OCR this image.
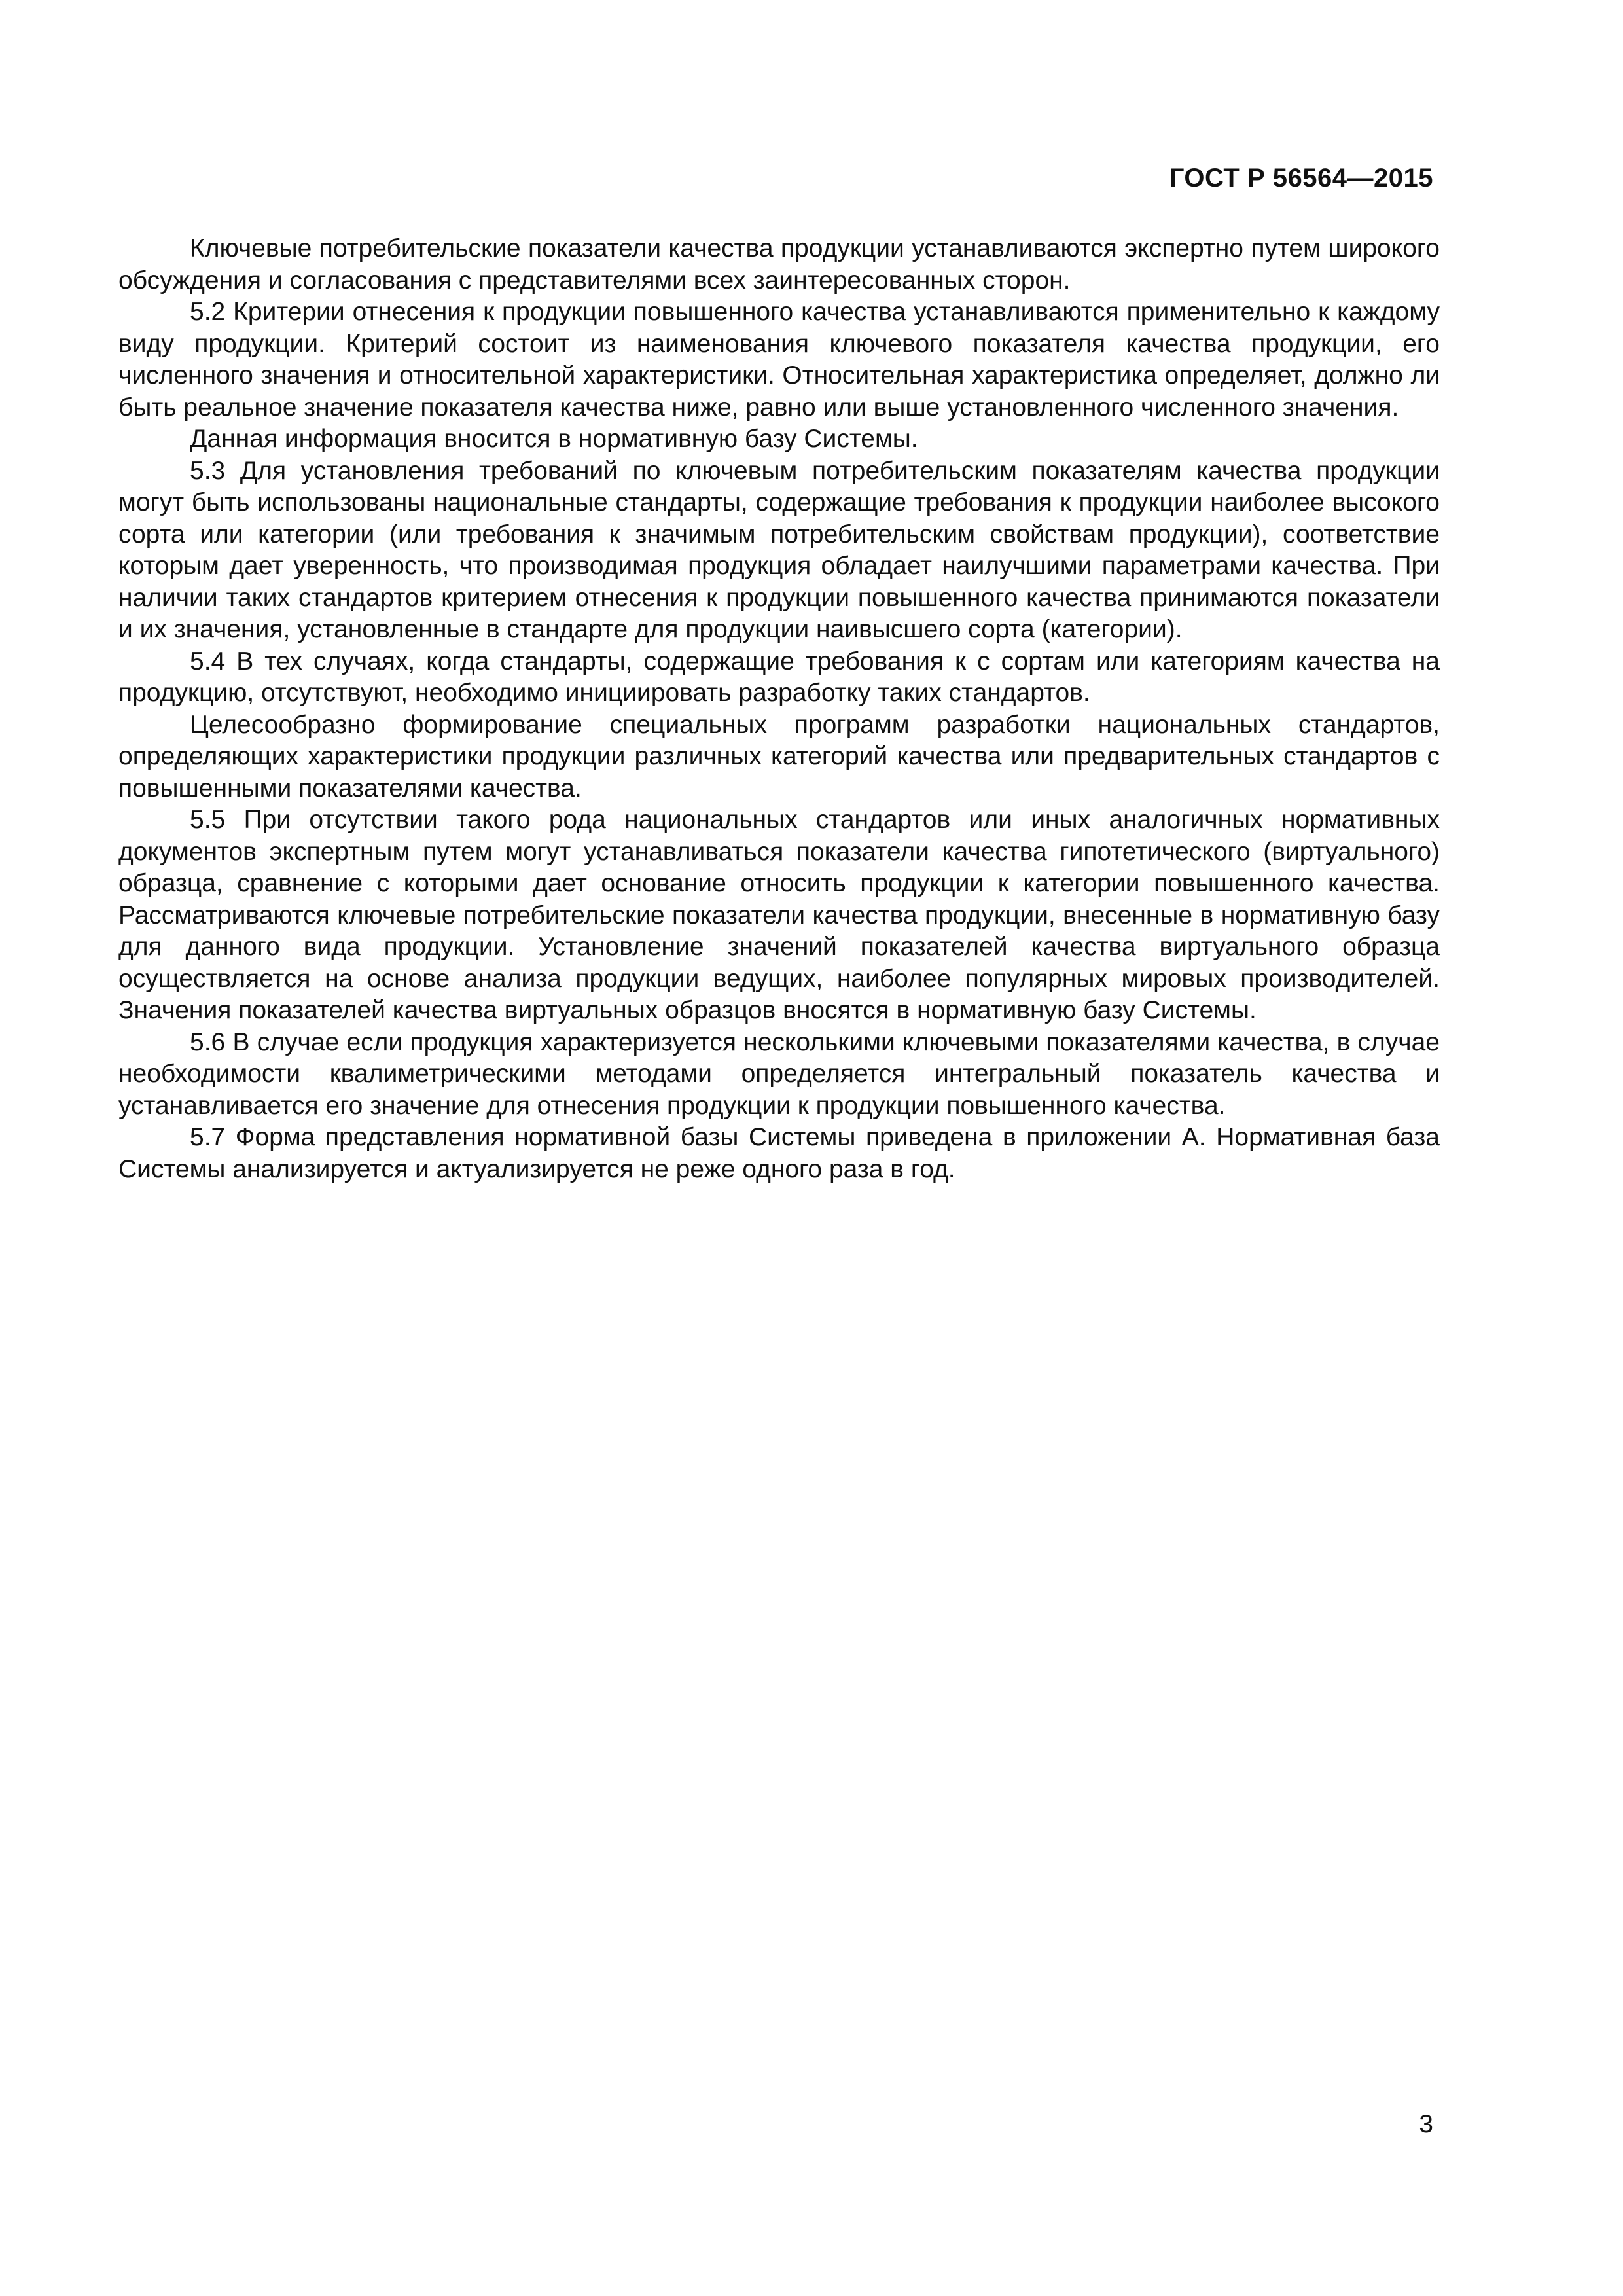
ГОСТ Р 56564—2015

Ключевые потребительские показатели качества продукции устанавливаются экспертно путем широкого обсуждения и согласования с представителями всех заинтересованных сторон.

5.2 Критерии отнесения к продукции повышенного качества устанавливаются применительно к каждому виду продукции. Критерий состоит из наименования ключевого показателя качества продукции, его численного значения и относительной характеристики. Относительная характеристика определяет, должно ли быть реальное значение показателя качества ниже, равно или выше установленного численного значения.

Данная информация вносится в нормативную базу Системы.

5.3 Для установления требований по ключевым потребительским показателям качества продукции могут быть использованы национальные стандарты, содержащие требования к продукции наиболее высокого сорта или категории (или требования к значимым потребительским свойствам продукции), соответствие которым дает уверенность, что производимая продукция обладает наилучшими параметрами качества. При наличии таких стандартов критерием отнесения к продукции повышенного качества принимаются показатели и их значения, установленные в стандарте для продукции наивысшего сорта (категории).

5.4 В тех случаях, когда стандарты, содержащие требования к с сортам или категориям качества на продукцию, отсутствуют, необходимо инициировать разработку таких стандартов.

Целесообразно формирование специальных программ разработки национальных стандартов, определяющих характеристики продукции различных категорий качества или предварительных стандартов с повышенными показателями качества.

5.5 При отсутствии такого рода национальных стандартов или иных аналогичных нормативных документов экспертным путем могут устанавливаться показатели качества гипотетического (виртуального) образца, сравнение с которыми дает основание относить продукции к категории повышенного качества. Рассматриваются ключевые потребительские показатели качества продукции, внесенные в нормативную базу для данного вида продукции. Установление значений показателей качества виртуального образца осуществляется на основе анализа продукции ведущих, наиболее популярных мировых производителей. Значения показателей качества виртуальных образцов вносятся в нормативную базу Системы.

5.6 В случае если продукция характеризуется несколькими ключевыми показателями качества, в случае необходимости квалиметрическими методами определяется интегральный показатель качества и устанавливается его значение для отнесения продукции к продукции повышенного качества.

5.7 Форма представления нормативной базы Системы приведена в приложении А. Нормативная база Системы анализируется и актуализируется не реже одного раза в год.

3
